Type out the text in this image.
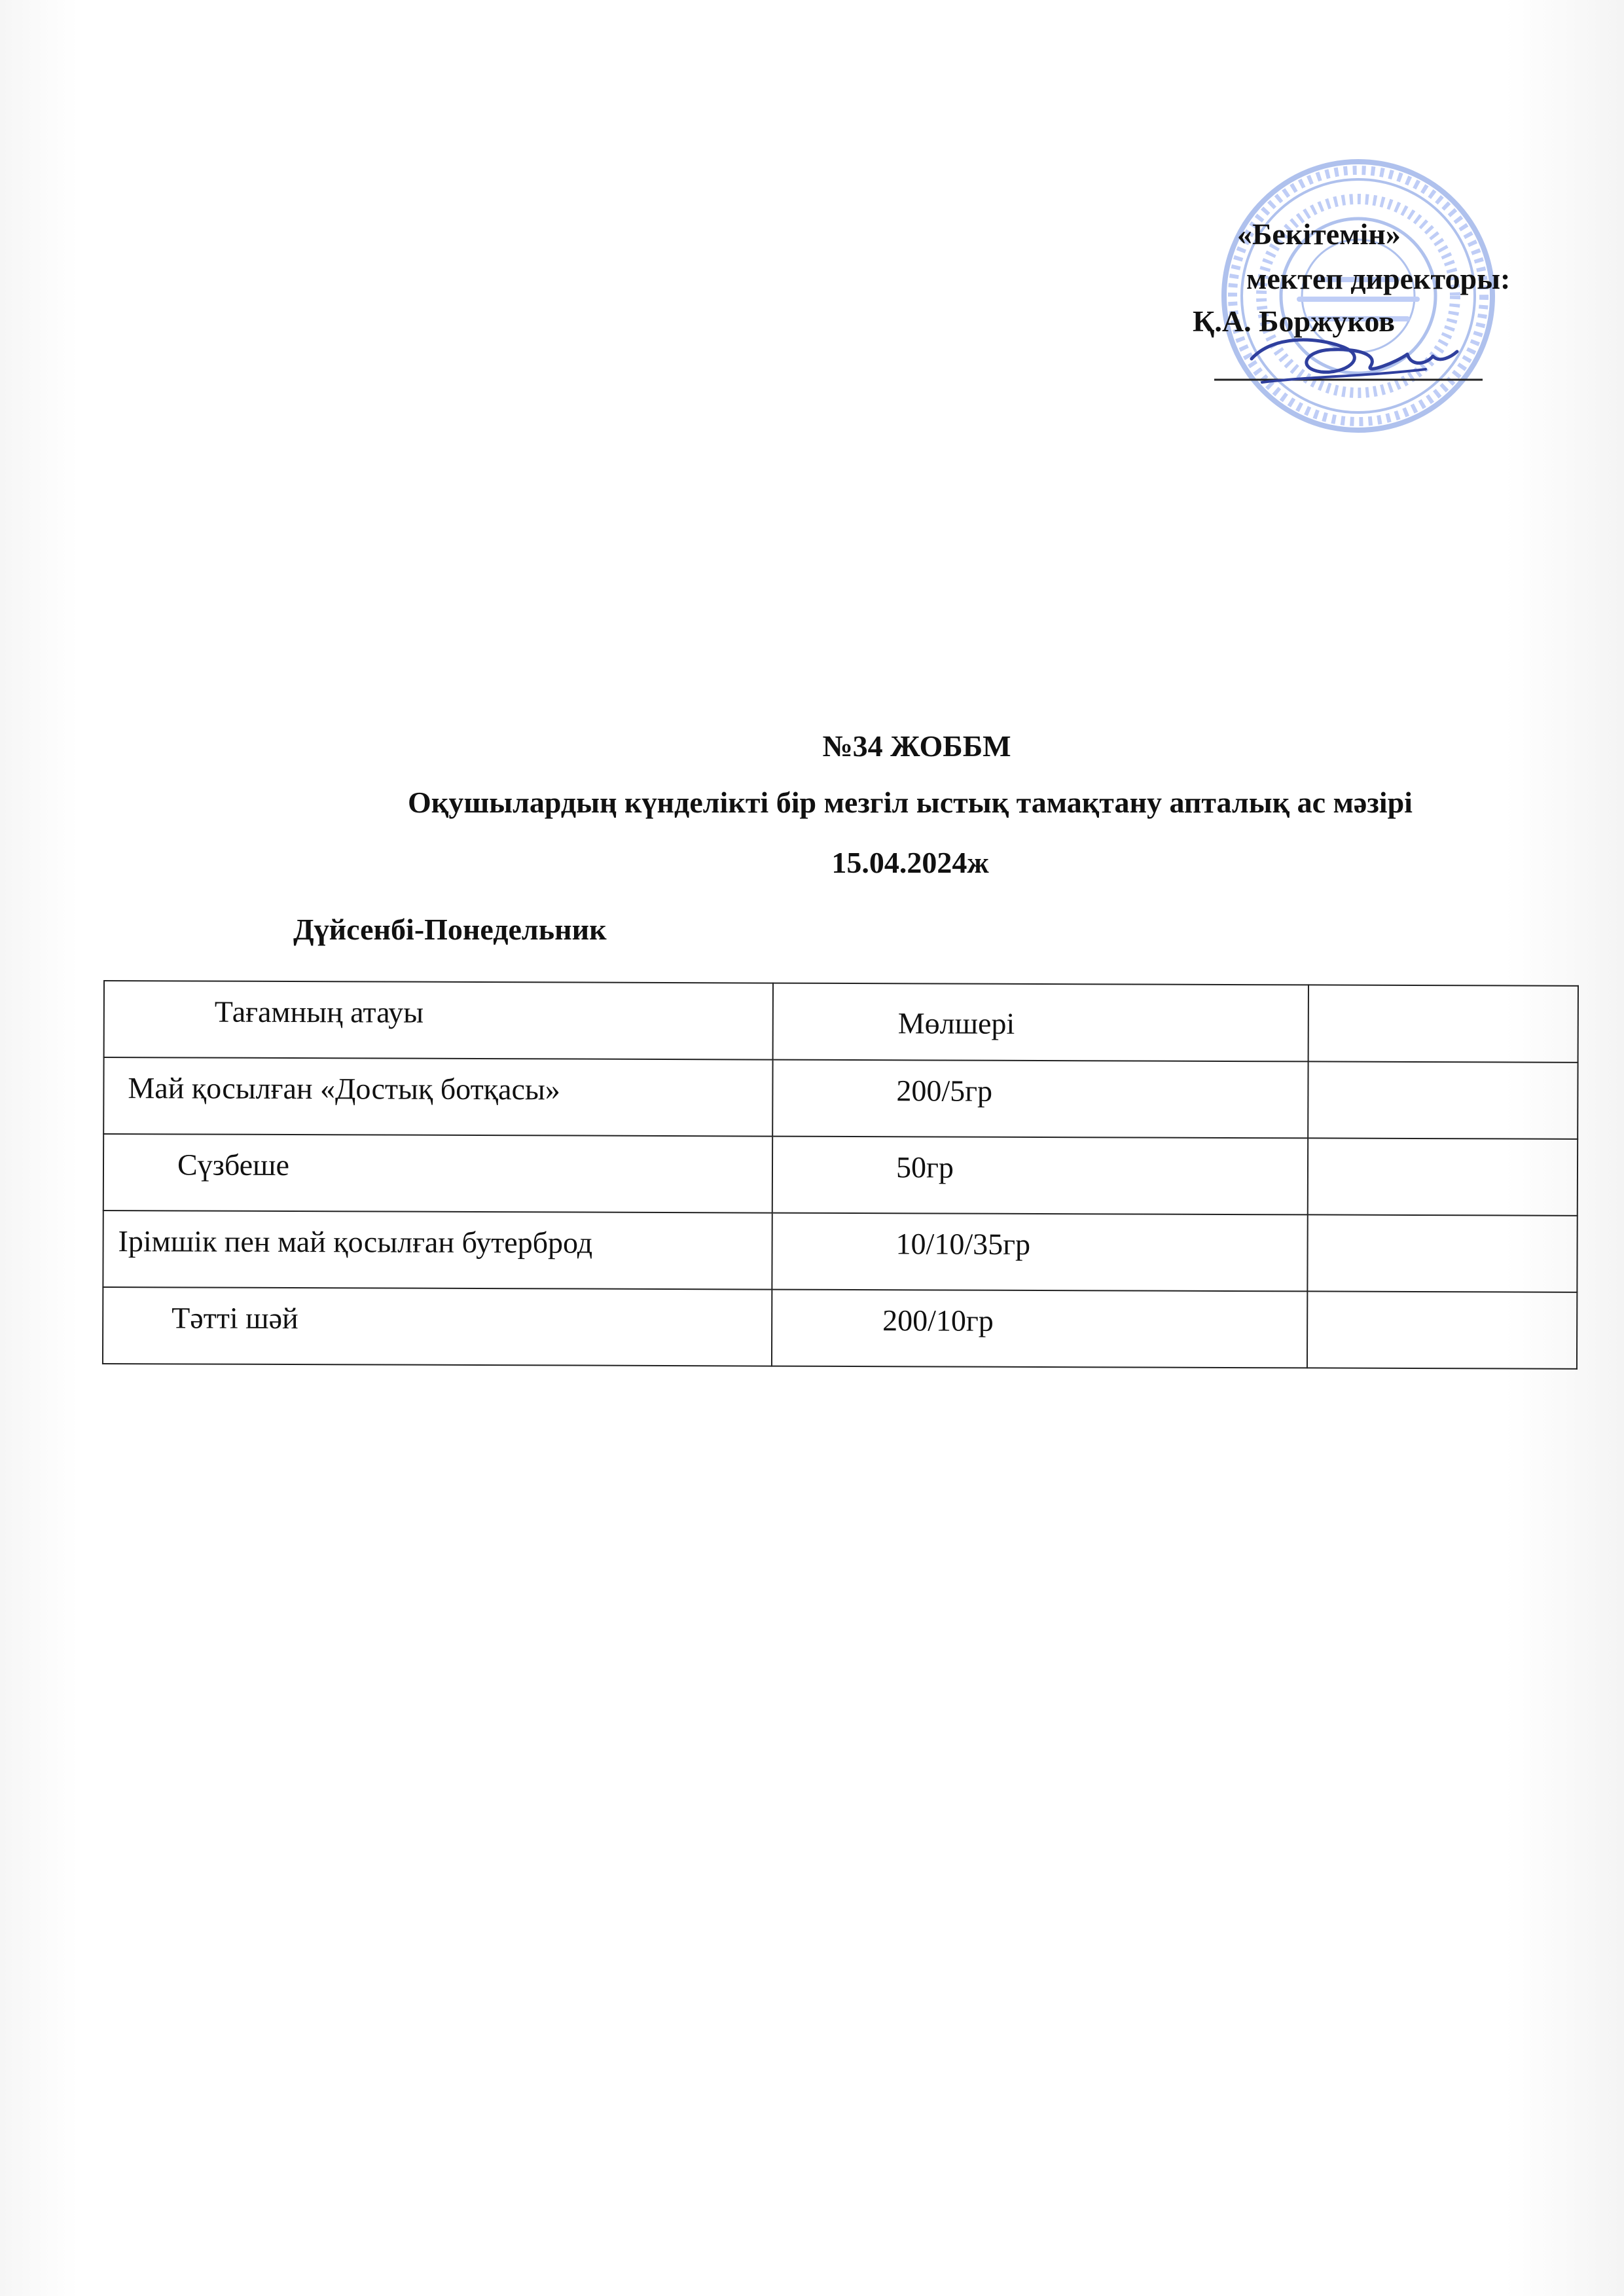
«Бекітемін»
мектеп директоры:
Қ.А. Боржуков
№34 ЖОББМ
Оқушылардың күнделікті бір мезгіл ыстық тамақтану апталық ас мәзірі
15.04.2024ж
Дүйсенбі-Понедельник
Тағамның атауы	Мөлшері	

Май қосылған «Достық ботқасы»	200/5гр	

Сүзбеше	50гр	

Ірімшік пен май қосылған бутерброд	10/10/35гр	

Тәтті шәй	200/10гр	
